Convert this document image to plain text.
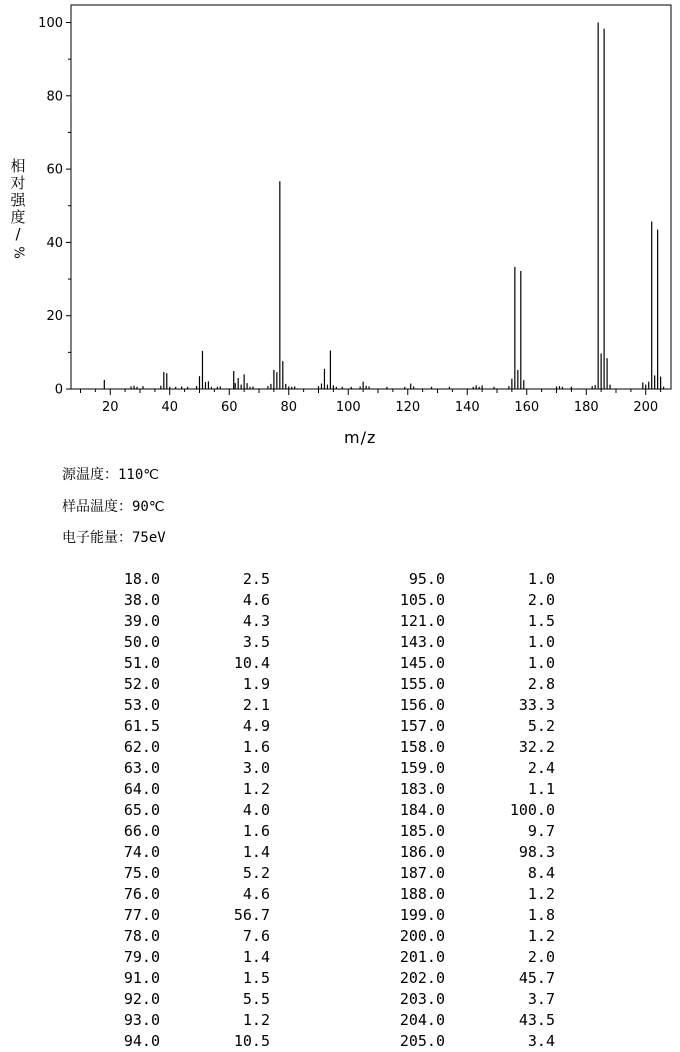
0
20
40
60
80
100
20	40	60	80	100	120	140	160	180	200
相
对
强
度
/
%

m/z
源温度：110℃
样品温度：90℃
电子能量：75eV
18.0	2.5	95.0	1.0
38.0	4.6	105.0	2.0
39.0	4.3	121.0	1.5
50.0	3.5	143.0	1.0
51.0	10.4	145.0	1.0
52.0	1.9	155.0	2.8
53.0	2.1	156.0	33.3
61.5	4.9	157.0	5.2
62.0	1.6	158.0	32.2
63.0	3.0	159.0	2.4
64.0	1.2	183.0	1.1
65.0	4.0	184.0	100.0
66.0	1.6	185.0	9.7
74.0	1.4	186.0	98.3
75.0	5.2	187.0	8.4
76.0	4.6	188.0	1.2
77.0	56.7	199.0	1.8
78.0	7.6	200.0	1.2
79.0	1.4	201.0	2.0
91.0	1.5	202.0	45.7
92.0	5.5	203.0	3.7
93.0	1.2	204.0	43.5
94.0	10.5	205.0	3.4
